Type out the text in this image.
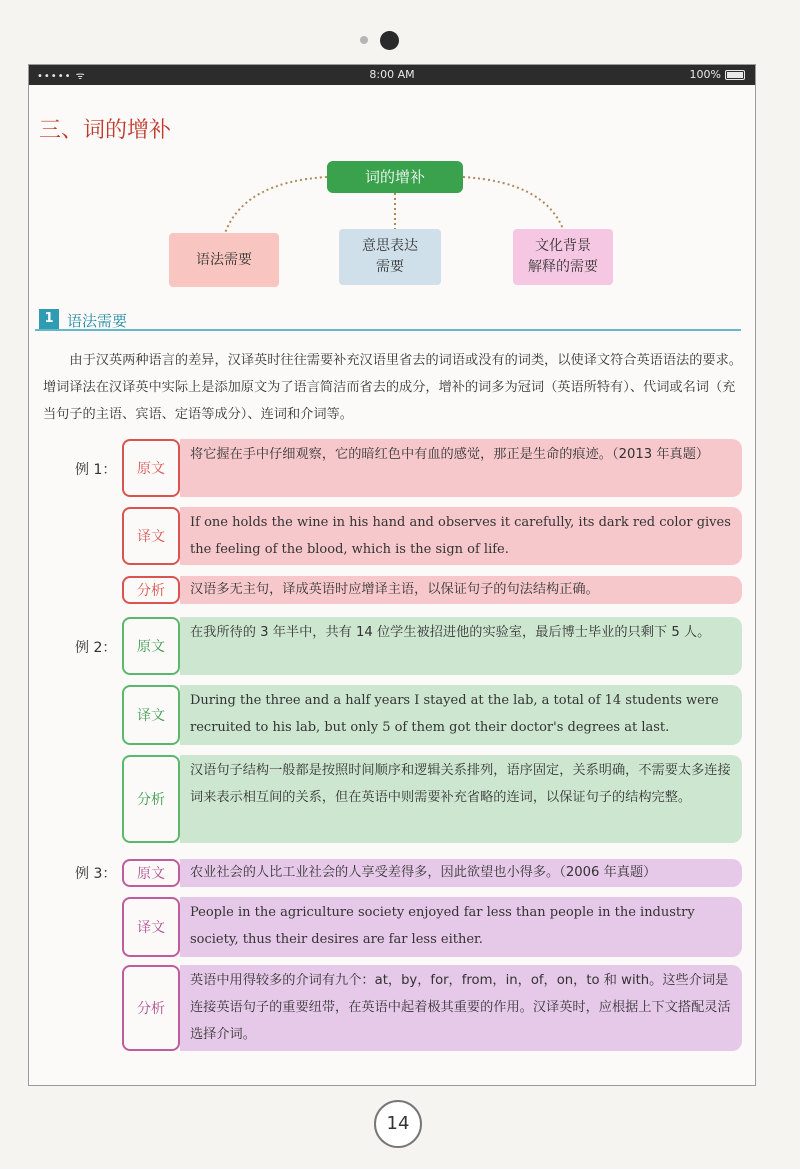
••••• ᯤ	8:00 AM	100%
三、词的增补
词的增补
语法需要
意思表达
需要
文化背景
解释的需要
1 语法需要

由于汉英两种语言的差异，汉译英时往往需要补充汉语里省去的词语或没有的词类，以使译文符合英语语法的要求。增词译法在汉译英中实际上是添加原文为了语言简洁而省去的成分，增补的词多为冠词（英语所特有）、代词或名词（充当句子的主语、宾语、定语等成分）、连词和介词等。

例 1： 原文
将它握在手中仔细观察，它的暗红色中有血的感觉，那正是生命的痕迹。（2013 年真题）
译文
If one holds the wine in his hand and observes it carefully, its dark red color gives the feeling of the blood, which is the sign of life.
分析	汉语多无主句，译成英语时应增译主语，以保证句子的句法结构正确。
例 2： 原文
在我所待的 3 年半中，共有 14 位学生被招进他的实验室，最后博士毕业的只剩下 5 人。
译文
During the three and a half years I stayed at the lab, a total of 14 students were recruited to his lab, but only 5 of them got their doctor's degrees at last.
分析
汉语句子结构一般都是按照时间顺序和逻辑关系排列，语序固定，关系明确，不需要太多连接词来表示相互间的关系，但在英语中则需要补充省略的连词，以保证句子的结构完整。
例 3： 原文	农业社会的人比工业社会的人享受差得多，因此欲望也小得多。（2006 年真题）
译文
People in the agriculture society enjoyed far less than people in the industry society, thus their desires are far less either.
分析
英语中用得较多的介词有九个：at，by，for，from，in，of，on，to 和 with。这些介词是连接英语句子的重要纽带，在英语中起着极其重要的作用。汉译英时，应根据上下文搭配灵活选择介词。
14
